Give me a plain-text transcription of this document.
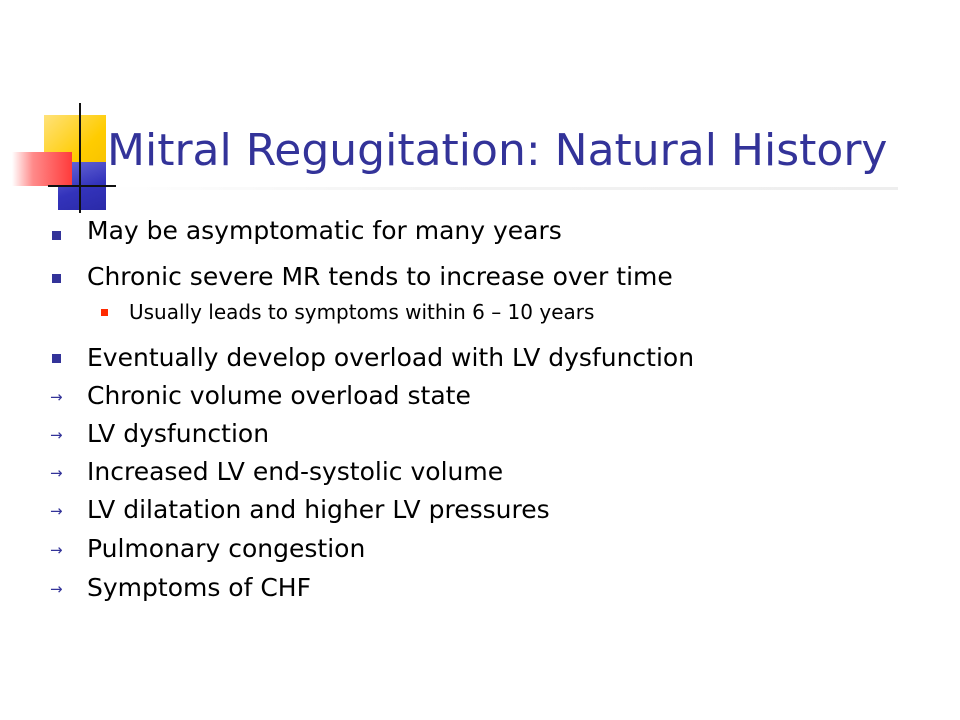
Mitral Regugitation: Natural History
May be asymptomatic for many years
Chronic severe MR tends to increase over time
Usually leads to symptoms within 6 – 10 years
Eventually develop overload with LV dysfunction
→ Chronic volume overload state
→ LV dysfunction
→ Increased LV end-systolic volume
→ LV dilatation and higher LV pressures
→ Pulmonary congestion
→ Symptoms of CHF
